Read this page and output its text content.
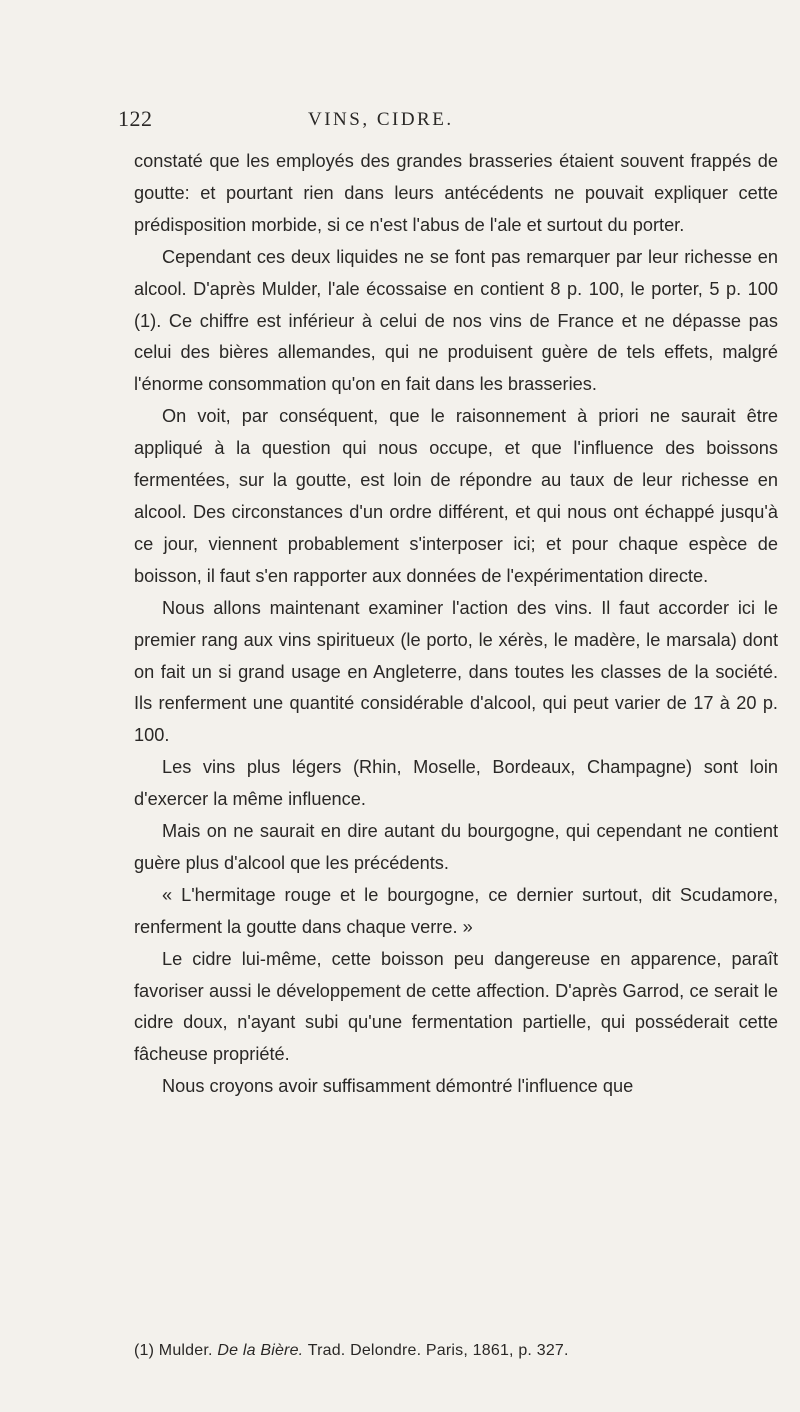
122	VINS, CIDRE.

constaté que les employés des grandes brasseries étaient souvent frappés de goutte: et pourtant rien dans leurs antécédents ne pouvait expliquer cette prédisposition morbide, si ce n'est l'abus de l'ale et surtout du porter.

Cependant ces deux liquides ne se font pas remarquer par leur richesse en alcool. D'après Mulder, l'ale écossaise en contient 8 p. 100, le porter, 5 p. 100 (1). Ce chiffre est inférieur à celui de nos vins de France et ne dépasse pas celui des bières allemandes, qui ne produisent guère de tels effets, malgré l'énorme consommation qu'on en fait dans les brasseries.

On voit, par conséquent, que le raisonnement à priori ne saurait être appliqué à la question qui nous occupe, et que l'influence des boissons fermentées, sur la goutte, est loin de répondre au taux de leur richesse en alcool. Des circonstances d'un ordre différent, et qui nous ont échappé jusqu'à ce jour, viennent probablement s'interposer ici; et pour chaque espèce de boisson, il faut s'en rapporter aux données de l'expérimentation directe.

Nous allons maintenant examiner l'action des vins. Il faut accorder ici le premier rang aux vins spiritueux (le porto, le xérès, le madère, le marsala) dont on fait un si grand usage en Angleterre, dans toutes les classes de la société. Ils renferment une quantité considérable d'alcool, qui peut varier de 17 à 20 p. 100.

Les vins plus légers (Rhin, Moselle, Bordeaux, Champagne) sont loin d'exercer la même influence.

Mais on ne saurait en dire autant du bourgogne, qui cependant ne contient guère plus d'alcool que les précédents.

« L'hermitage rouge et le bourgogne, ce dernier surtout, dit Scudamore, renferment la goutte dans chaque verre. »

Le cidre lui-même, cette boisson peu dangereuse en apparence, paraît favoriser aussi le développement de cette affection. D'après Garrod, ce serait le cidre doux, n'ayant subi qu'une fermentation partielle, qui posséderait cette fâcheuse propriété.

Nous croyons avoir suffisamment démontré l'influence que

(1) Mulder. De la Bière. Trad. Delondre. Paris, 1861, p. 327.
